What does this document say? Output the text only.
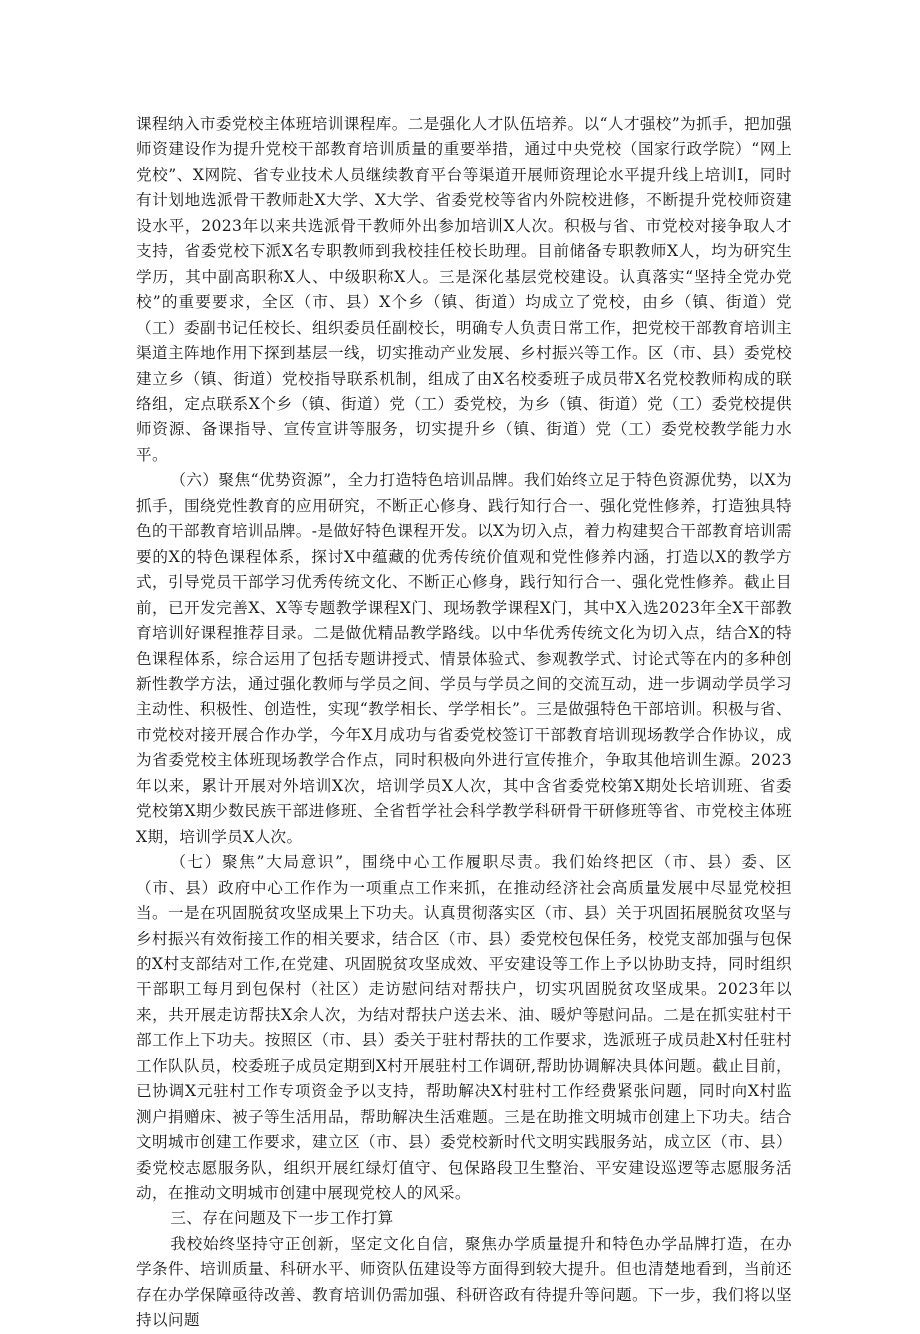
课程纳入市委党校主体班培训课程库。二是强化人才队伍培养。以“人才强校”为抓手，把加强师资建设作为提升党校干部教育培训质量的重要举措，通过中央党校（国家行政学院）“网上党校”、X网院、省专业技术人员继续教育平台等渠道开展师资理论水平提升线上培训I，同时有计划地选派骨干教师赴X大学、X大学、省委党校等省内外院校进修，不断提升党校师资建设水平，2023年以来共选派骨干教师外出参加培训X人次。积极与省、市党校对接争取人才支持，省委党校下派X名专职教师到我校挂任校长助理。目前储备专职教师X人，均为研究生学历，其中副高职称X人、中级职称X人。三是深化基层党校建设。认真落实“坚持全党办党校”的重要要求，全区（市、县）X个乡（镇、街道）均成立了党校，由乡（镇、街道）党（工）委副书记任校长、组织委员任副校长，明确专人负责日常工作，把党校干部教育培训主渠道主阵地作用下探到基层一线，切实推动产业发展、乡村振兴等工作。区（市、县）委党校建立乡（镇、街道）党校指导联系机制，组成了由X名校委班子成员带X名党校教师构成的联络组，定点联系X个乡（镇、街道）党（工）委党校，为乡（镇、街道）党（工）委党校提供师资源、备课指导、宣传宣讲等服务，切实提升乡（镇、街道）党（工）委党校教学能力水平。

（六）聚焦“优势资源”，全力打造特色培训品牌。我们始终立足于特色资源优势，以X为抓手，围绕党性教育的应用研究，不断正心修身、践行知行合一、强化党性修养，打造独具特色的干部教育培训品牌。-是做好特色课程开发。以X为切入点，着力构建契合干部教育培训需要的X的特色课程体系，探讨X中蕴藏的优秀传统价值观和党性修养内涵，打造以X的教学方式，引导党员干部学习优秀传统文化、不断正心修身，践行知行合一、强化党性修养。截止目前，已开发完善X、X等专题教学课程X门、现场教学课程X门，其中X入选2023年全X干部教育培训好课程推荐目录。二是做优精品教学路线。以中华优秀传统文化为切入点，结合X的特色课程体系，综合运用了包括专题讲授式、情景体验式、参观教学式、讨论式等在内的多种创新性教学方法，通过强化教师与学员之间、学员与学员之间的交流互动，进一步调动学员学习主动性、积极性、创造性，实现“教学相长、学学相长”。三是做强特色干部培训。积极与省、市党校对接开展合作办学，今年X月成功与省委党校签订干部教育培训现场教学合作协议，成为省委党校主体班现场教学合作点，同时积极向外进行宣传推介，争取其他培训生源。2023年以来，累计开展对外培训X次，培训学员X人次，其中含省委党校第X期处长培训班、省委党校第X期少数民族干部进修班、全省哲学社会科学教学科研骨干研修班等省、市党校主体班X期，培训学员X人次。

（七）聚焦”大局意识”，围绕中心工作履职尽责。我们始终把区（市、县）委、区（市、县）政府中心工作作为一项重点工作来抓，在推动经济社会高质量发展中尽显党校担当。一是在巩固脱贫攻坚成果上下功夫。认真贯彻落实区（市、县）关于巩固拓展脱贫攻坚与乡村振兴有效衔接工作的相关要求，结合区（市、县）委党校包保任务，校党支部加强与包保的X村支部结对工作,在党建、巩固脱贫攻坚成效、平安建设等工作上予以协助支持，同时组织干部职工每月到包保村（社区）走访慰问结对帮扶户，切实巩固脱贫攻坚成果。2023年以来，共开展走访帮扶X余人次，为结对帮扶户送去米、油、暖炉等慰问品。二是在抓实驻村干部工作上下功夫。按照区（市、县）委关于驻村帮扶的工作要求，选派班子成员赴X村任驻村工作队队员，校委班子成员定期到X村开展驻村工作调研,帮助协调解决具体问题。截止目前，已协调X元驻村工作专项资金予以支持，帮助解决X村驻村工作经费紧张问题，同时向X村监测户捐赠床、被子等生活用品，帮助解决生活难题。三是在助推文明城市创建上下功夫。结合文明城市创建工作要求，建立区（市、县）委党校新时代文明实践服务站，成立区（市、县）委党校志愿服务队，组织开展红绿灯值守、包保路段卫生整治、平安建设巡逻等志愿服务活动，在推动文明城市创建中展现党校人的风采。

三、存在问题及下一步工作打算

我校始终坚持守正创新，坚定文化自信，聚焦办学质量提升和特色办学品牌打造，在办学条件、培训质量、科研水平、师资队伍建设等方面得到较大提升。但也清楚地看到，当前还存在办学保障亟待改善、教育培训仍需加强、科研咨政有待提升等问题。下一步，我们将以坚持以问题
